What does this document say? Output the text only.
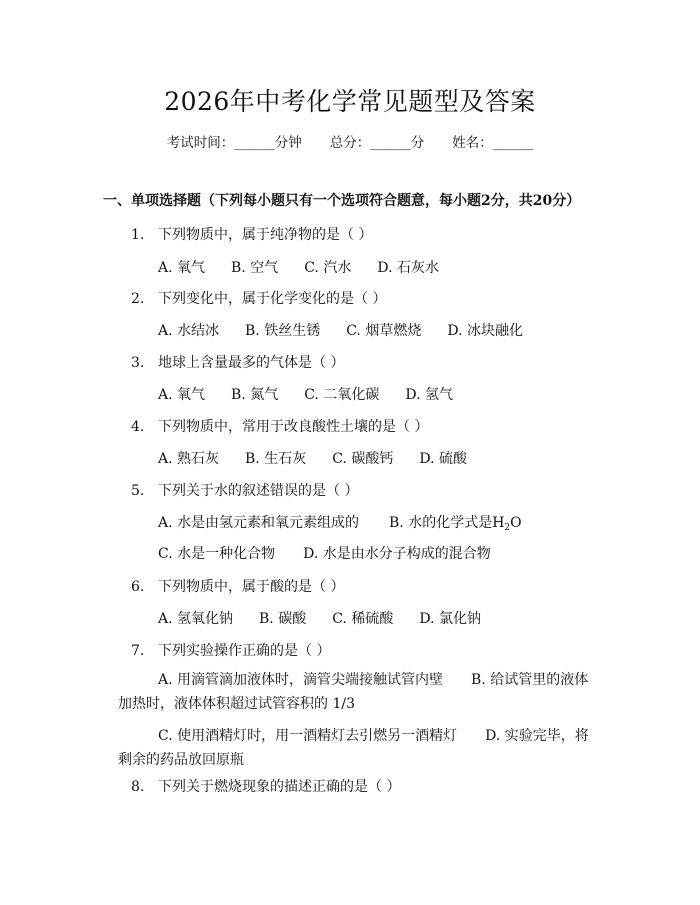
2026年中考化学常见题型及答案
考试时间：______分钟 总分：______分 姓名：______
一、单项选择题（下列每小题只有一个选项符合题意，每小题2分，共20分）
1. 下列物质中，属于纯净物的是（ ）
A. 氧气 B. 空气 C. 汽水 D. 石灰水
2. 下列变化中，属于化学变化的是（ ）
A. 水结冰 B. 铁丝生锈 C. 烟草燃烧 D. 冰块融化
3. 地球上含量最多的气体是（ ）
A. 氧气 B. 氮气 C. 二氧化碳 D. 氢气
4. 下列物质中，常用于改良酸性土壤的是（ ）
A. 熟石灰 B. 生石灰 C. 碳酸钙 D. 硫酸
5. 下列关于水的叙述错误的是（ ）
A. 水是由氢元素和氧元素组成的 B. 水的化学式是$H_2O$
C. 水是一种化合物 D. 水是由水分子构成的混合物
6. 下列物质中，属于酸的是（ ）
A. 氢氧化钠 B. 碳酸 C. 稀硫酸 D. 氯化钠
7. 下列实验操作正确的是（ ）
A. 用滴管滴加液体时，滴管尖端接触试管内壁　　B. 给试管里的液体加热时，液体体积超过试管容积的 1/3
C. 使用酒精灯时，用一酒精灯去引燃另一酒精灯　　D. 实验完毕，将剩余的药品放回原瓶
8. 下列关于燃烧现象的描述正确的是（ ）
